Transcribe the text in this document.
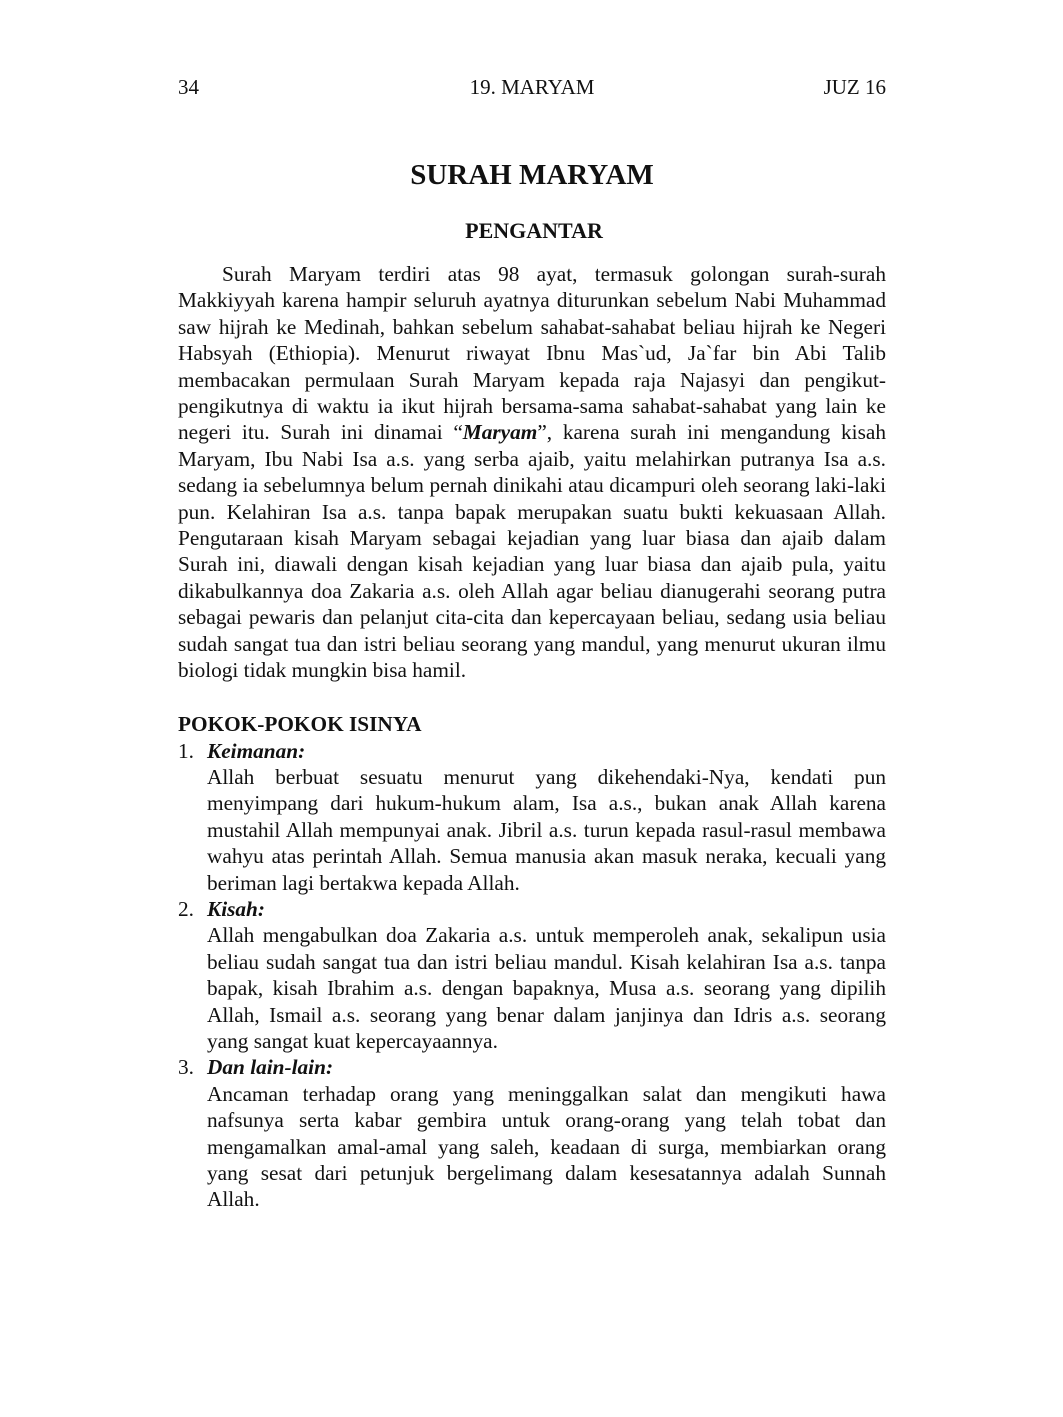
34	19. MARYAM	JUZ 16
SURAH MARYAM
PENGANTAR

Surah Maryam terdiri atas 98 ayat, termasuk golongan surah-surah Makkiyyah karena hampir seluruh ayatnya diturunkan sebelum Nabi Muhammad saw hijrah ke Medinah, bahkan sebelum sahabat-sahabat beliau hijrah ke Negeri Habsyah (Ethiopia). Menurut riwayat Ibnu Mas`ud, Ja`far bin Abi Talib membacakan permulaan Surah Maryam kepada raja Najasyi dan pengikut-pengikutnya di waktu ia ikut hijrah bersama-sama sahabat-sahabat yang lain ke negeri itu. Surah ini dinamai “Maryam”, karena surah ini mengandung kisah Maryam, Ibu Nabi Isa a.s. yang serba ajaib, yaitu melahirkan putranya Isa a.s. sedang ia sebelumnya belum pernah dinikahi atau dicampuri oleh seorang laki-laki pun. Kelahiran Isa a.s. tanpa bapak merupakan suatu bukti kekuasaan Allah. Pengutaraan kisah Maryam sebagai kejadian yang luar biasa dan ajaib dalam Surah ini, diawali dengan kisah kejadian yang luar biasa dan ajaib pula, yaitu dikabulkannya doa Zakaria a.s. oleh Allah agar beliau dianugerahi seorang putra sebagai pewaris dan pelanjut cita-cita dan kepercayaan beliau, sedang usia beliau sudah sangat tua dan istri beliau seorang yang mandul, yang menurut ukuran ilmu biologi tidak mungkin bisa hamil.

POKOK-POKOK ISINYA
1. Keimanan:
Allah berbuat sesuatu menurut yang dikehendaki-Nya, kendati pun menyimpang dari hukum-hukum alam, Isa a.s., bukan anak Allah karena mustahil Allah mempunyai anak. Jibril a.s. turun kepada rasul-rasul membawa wahyu atas perintah Allah. Semua manusia akan masuk neraka, kecuali yang beriman lagi bertakwa kepada Allah.
2. Kisah:
Allah mengabulkan doa Zakaria a.s. untuk memperoleh anak, sekalipun usia beliau sudah sangat tua dan istri beliau mandul. Kisah kelahiran Isa a.s. tanpa bapak, kisah Ibrahim a.s. dengan bapaknya, Musa a.s. seorang yang dipilih Allah, Ismail a.s. seorang yang benar dalam janjinya dan Idris a.s. seorang yang sangat kuat kepercayaannya.
3. Dan lain-lain:
Ancaman terhadap orang yang meninggalkan salat dan mengikuti hawa nafsunya serta kabar gembira untuk orang-orang yang telah tobat dan mengamalkan amal-amal yang saleh, keadaan di surga, membiarkan orang yang sesat dari petunjuk bergelimang dalam kesesatannya adalah Sunnah Allah.
